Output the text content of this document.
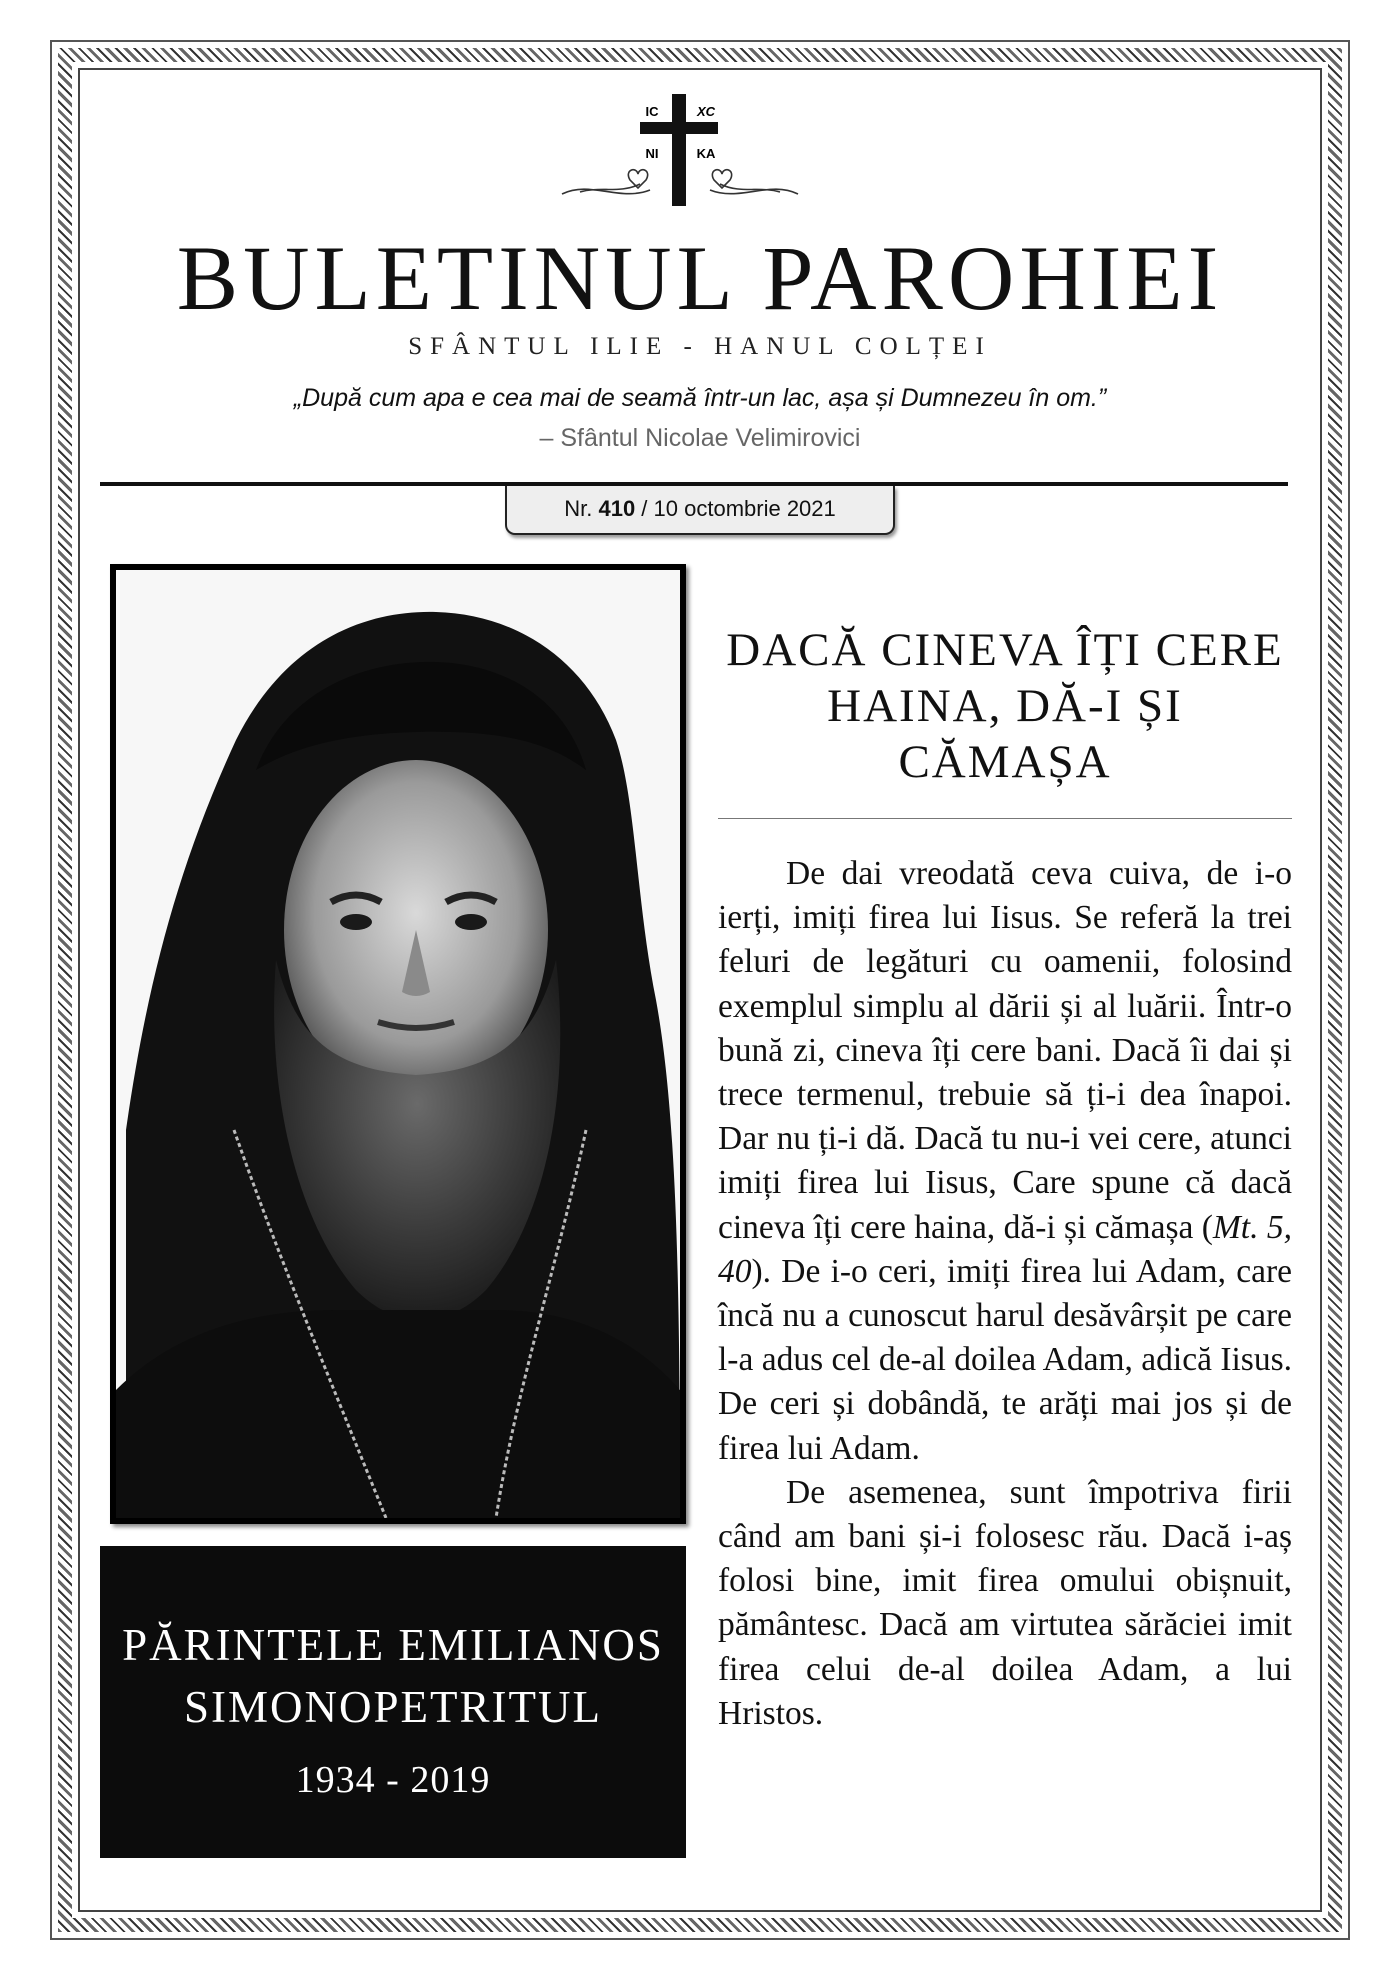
IC	XC
NI	KA
BULETINUL PAROHIEI
SFÂNTUL ILIE - HANUL COLȚEI
„După cum apa e cea mai de seamă într-un lac, așa și Dumnezeu în om.”
– Sfântul Nicolae Velimirovici
Nr. 410 / 10 octombrie 2021
PĂRINTELE EMILIANOS
SIMONOPETRITUL
1934 - 2019
DACĂ CINEVA ÎȚI CERE HAINA, DĂ-I ȘI CĂMAȘA

De dai vreodată ceva cuiva, de i-o ierți, imiți firea lui Iisus. Se referă la trei feluri de legături cu oamenii, folosind exemplul simplu al dării și al luării. Într-o bună zi, cineva îți cere bani. Dacă îi dai și trece termenul, trebuie să ți-i dea înapoi. Dar nu ți-i dă. Dacă tu nu-i vei cere, atunci imiți firea lui Iisus, Care spune că dacă cineva îți cere haina, dă-i și cămașa (Mt. 5, 40). De i-o ceri, imiți firea lui Adam, care încă nu a cunoscut harul desăvârșit pe care l-a adus cel de-al doilea Adam, adică Iisus. De ceri și dobândă, te arăți mai jos și de firea lui Adam.

De asemenea, sunt împotriva firii când am bani și-i folosesc rău. Dacă i-aș folosi bine, imit firea omului obișnuit, pământesc. Dacă am virtutea sărăciei imit firea celui de-al doilea Adam, a lui Hristos.
